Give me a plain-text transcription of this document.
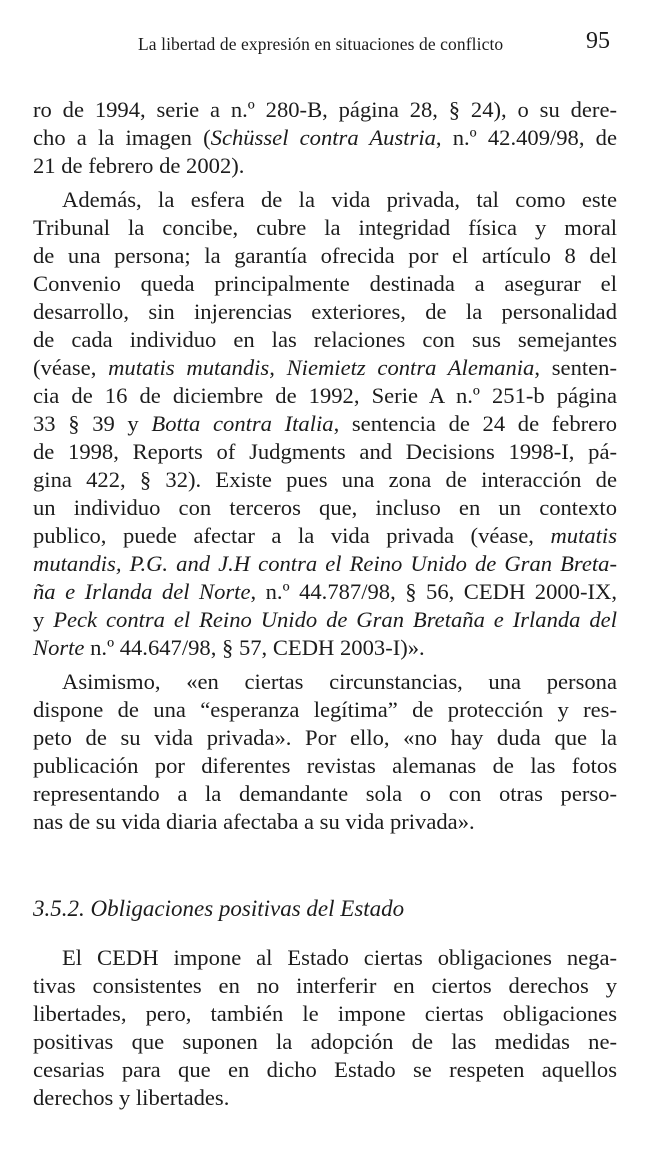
La libertad de expresión en situaciones de conflicto	95
ro de 1994, serie a n.º 280-B, página 28, § 24), o su dere-
cho a la imagen (Schüssel contra Austria, n.º 42.409/98, de
21 de febrero de 2002).
Además, la esfera de la vida privada, tal como este
Tribunal la concibe, cubre la integridad física y moral
de una persona; la garantía ofrecida por el artículo 8 del
Convenio queda principalmente destinada a asegurar el
desarrollo, sin injerencias exteriores, de la personalidad
de cada individuo en las relaciones con sus semejantes
(véase, mutatis mutandis, Niemietz contra Alemania, senten-
cia de 16 de diciembre de 1992, Serie A n.º 251-b página
33 § 39 y Botta contra Italia, sentencia de 24 de febrero
de 1998, Reports of Judgments and Decisions 1998-I, pá-
gina 422, § 32). Existe pues una zona de interacción de
un individuo con terceros que, incluso en un contexto
publico, puede afectar a la vida privada (véase, mutatis
mutandis, P.G. and J.H contra el Reino Unido de Gran Breta-
ña e Irlanda del Norte, n.º 44.787/98, § 56, CEDH 2000-IX,
y Peck contra el Reino Unido de Gran Bretaña e Irlanda del
Norte n.º 44.647/98, § 57, CEDH 2003-I)».
Asimismo, «en ciertas circunstancias, una persona
dispone de una “esperanza legítima” de protección y res-
peto de su vida privada». Por ello, «no hay duda que la
publicación por diferentes revistas alemanas de las fotos
representando a la demandante sola o con otras perso-
nas de su vida diaria afectaba a su vida privada».
3.5.2. Obligaciones positivas del Estado
El CEDH impone al Estado ciertas obligaciones nega-
tivas consistentes en no interferir en ciertos derechos y
libertades, pero, también le impone ciertas obligaciones
positivas que suponen la adopción de las medidas ne-
cesarias para que en dicho Estado se respeten aquellos
derechos y libertades.
